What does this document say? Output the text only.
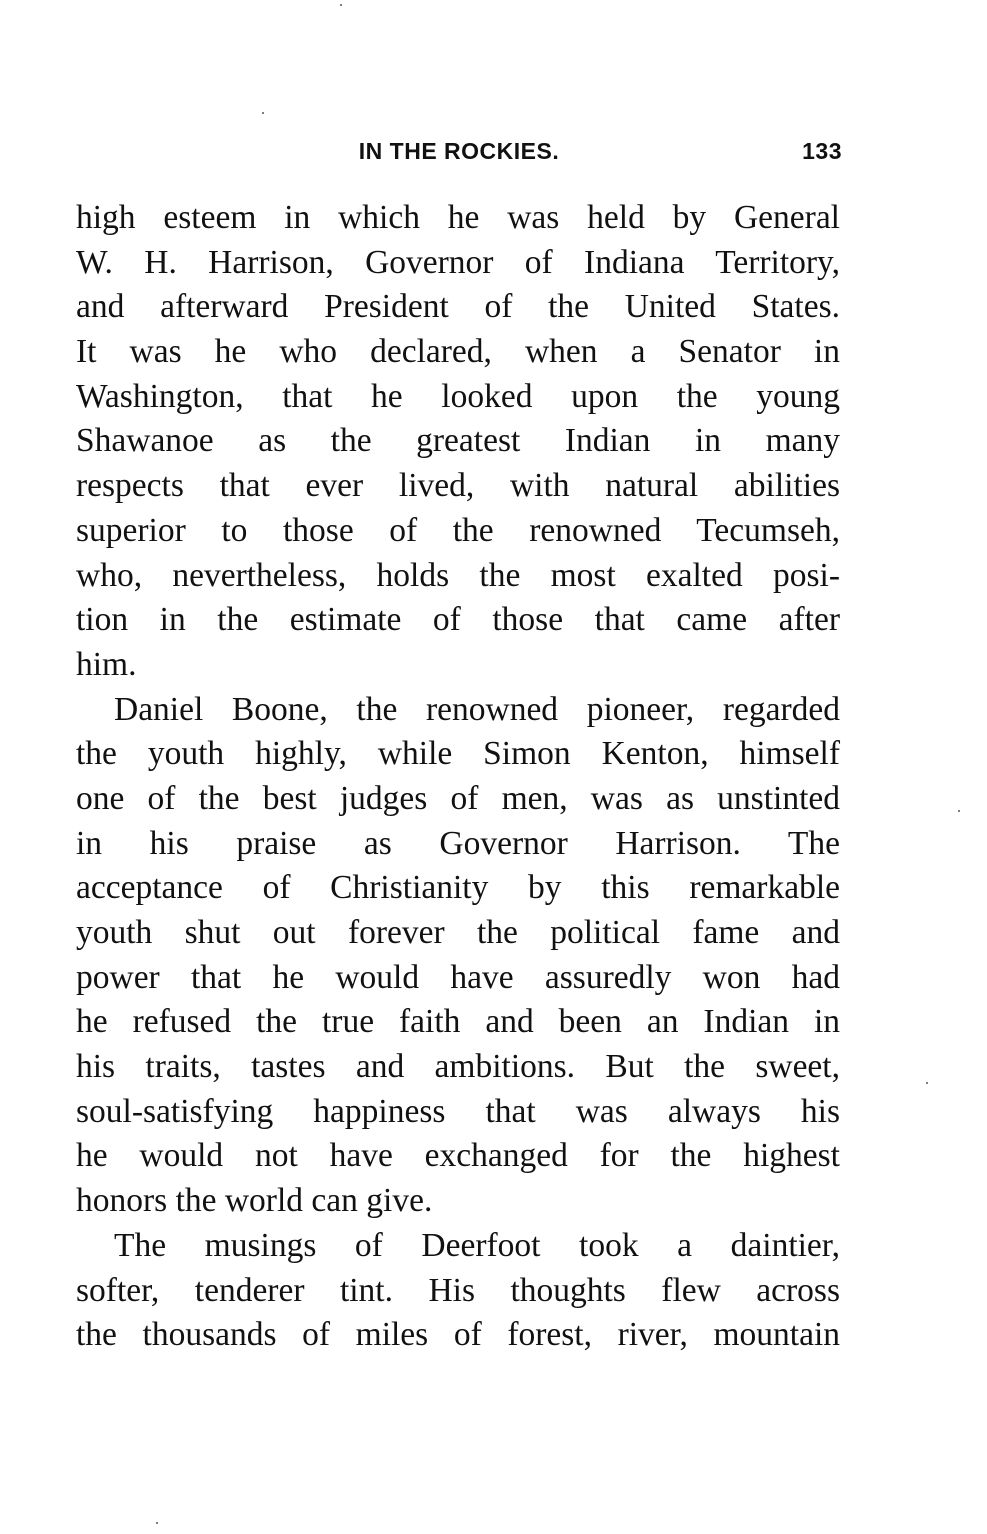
IN THE ROCKIES.	133
high esteem in which he was held by General
W. H. Harrison, Governor of Indiana Territory,
and afterward President of the United States.
It was he who declared, when a Senator in
Washington, that he looked upon the young
Shawanoe as the greatest Indian in many
respects that ever lived, with natural abilities
superior to those of the renowned Tecumseh,
who, nevertheless, holds the most exalted posi-
tion in the estimate of those that came after
him.
Daniel Boone, the renowned pioneer, regarded
the youth highly, while Simon Kenton, himself
one of the best judges of men, was as unstinted
in his praise as Governor Harrison. The
acceptance of Christianity by this remarkable
youth shut out forever the political fame and
power that he would have assuredly won had
he refused the true faith and been an Indian in
his traits, tastes and ambitions. But the sweet,
soul-satisfying happiness that was always his
he would not have exchanged for the highest
honors the world can give.
The musings of Deerfoot took a daintier,
softer, tenderer tint. His thoughts flew across
the thousands of miles of forest, river, mountain
